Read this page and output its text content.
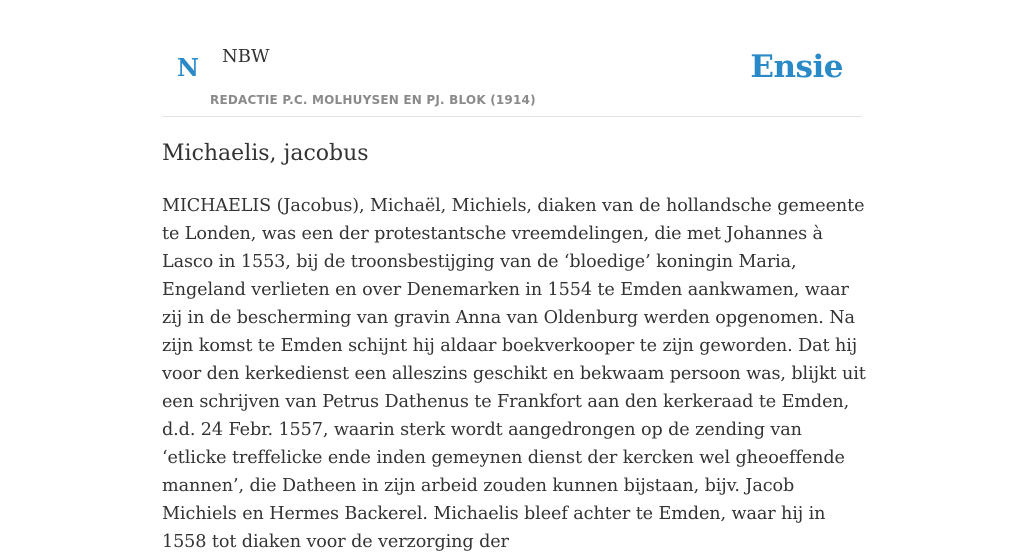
N NBW
REDACTIE P.C. MOLHUYSEN EN PJ. BLOK (1914)
Ensie
Michaelis, jacobus

MICHAELIS (Jacobus), Michaël, Michiels, diaken van de hollandsche gemeente te Londen, was een der protestantsche vreemdelingen, die met Johannes à Lasco in 1553, bij de troonsbestijging van de ‘bloedige’ koningin Maria, Engeland verlieten en over Denemarken in 1554 te Emden aankwamen, waar zij in de bescherming van gravin Anna van Oldenburg werden opgenomen. Na zijn komst te Emden schijnt hij aldaar boekverkooper te zijn geworden. Dat hij voor den kerkedienst een alleszins geschikt en bekwaam persoon was, blijkt uit een schrijven van Petrus Dathenus te Frankfort aan den kerkeraad te Emden, d.d. 24 Febr. 1557, waarin sterk wordt aangedrongen op de zending van ‘etlicke treffelicke ende inden gemeynen dienst der kercken wel gheoeffende mannen’, die Datheen in zijn arbeid zouden kunnen bijstaan, bijv. Jacob Michiels en Hermes Backerel. Michaelis bleef achter te Emden, waar hij in 1558 tot diaken voor de verzorging der
